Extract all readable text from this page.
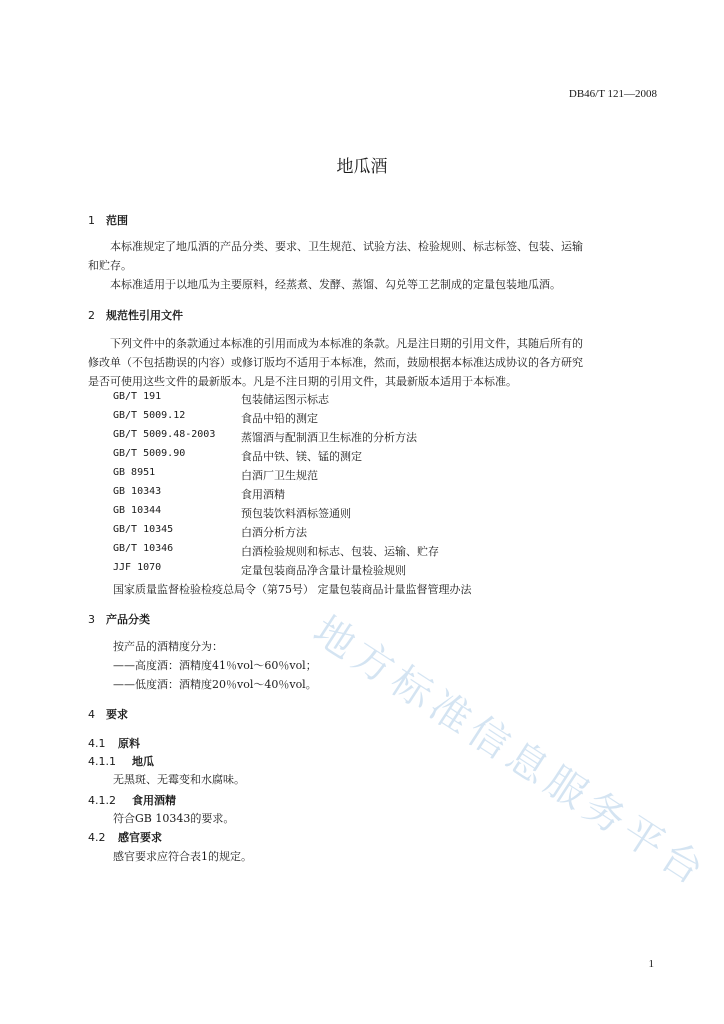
DB46/T 121—2008
地瓜酒
1 范围
本标准规定了地瓜酒的产品分类、要求、卫生规范、试验方法、检验规则、标志标签、包装、运输
和贮存。
本标准适用于以地瓜为主要原料，经蒸煮、发酵、蒸馏、勾兑等工艺制成的定量包装地瓜酒。
2 规范性引用文件
下列文件中的条款通过本标准的引用而成为本标准的条款。凡是注日期的引用文件，其随后所有的
修改单（不包括勘误的内容）或修订版均不适用于本标准，然而，鼓励根据本标准达成协议的各方研究
是否可使用这些文件的最新版本。凡是不注日期的引用文件，其最新版本适用于本标准。
GB/T 191	包装储运图示标志
GB/T 5009.12	食品中铅的测定
GB/T 5009.48-2003 蒸馏酒与配制酒卫生标准的分析方法
GB/T 5009.90	食品中铁、镁、锰的测定
GB 8951	白酒厂卫生规范
GB 10343	食用酒精
GB 10344	预包装饮料酒标签通则
GB/T 10345	白酒分析方法
GB/T 10346	白酒检验规则和标志、包装、运输、贮存
JJF 1070	定量包装商品净含量计量检验规则
国家质量监督检验检疫总局令（第75号） 定量包装商品计量监督管理办法
3 产品分类
按产品的酒精度分为：
——高度酒：酒精度41％vol～60％vol；
——低度酒：酒精度20％vol～40％vol。
4 要求
4.1 原料
4.1.1 地瓜
无黑斑、无霉变和水腐味。
4.1.2 食用酒精
符合GB 10343的要求。
4.2 感官要求
感官要求应符合表1的规定。 地方标准信息服务平台
1
